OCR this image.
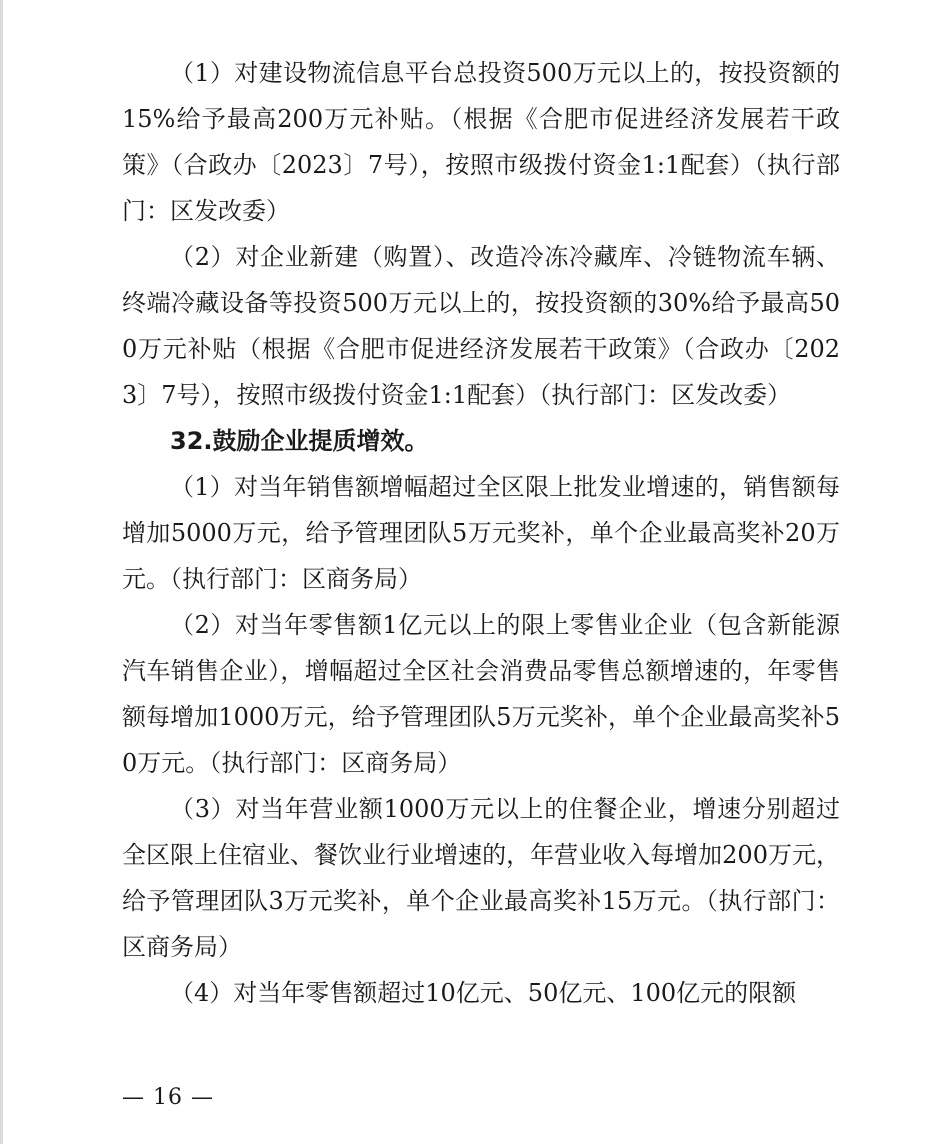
（1）对建设物流信息平台总投资500万元以上的，按投资额的15%给予最高200万元补贴。（根据《合肥市促进经济发展若干政策》（合政办〔2023〕7号），按照市级拨付资金1:1配套）（执行部门：区发改委）

（2）对企业新建（购置）、改造冷冻冷藏库、冷链物流车辆、终端冷藏设备等投资500万元以上的，按投资额的30%给予最高500万元补贴（根据《合肥市促进经济发展若干政策》（合政办〔2023〕7号），按照市级拨付资金1:1配套）（执行部门：区发改委）

32.鼓励企业提质增效。

（1）对当年销售额增幅超过全区限上批发业增速的，销售额每增加5000万元，给予管理团队5万元奖补，单个企业最高奖补20万元。（执行部门：区商务局）

（2）对当年零售额1亿元以上的限上零售业企业（包含新能源汽车销售企业），增幅超过全区社会消费品零售总额增速的，年零售额每增加1000万元，给予管理团队5万元奖补，单个企业最高奖补50万元。（执行部门：区商务局）

（3）对当年营业额1000万元以上的住餐企业，增速分别超过全区限上住宿业、餐饮业行业增速的，年营业收入每增加200万元，给予管理团队3万元奖补，单个企业最高奖补15万元。（执行部门：区商务局）

（4）对当年零售额超过10亿元、50亿元、100亿元的限额

— 16 —
